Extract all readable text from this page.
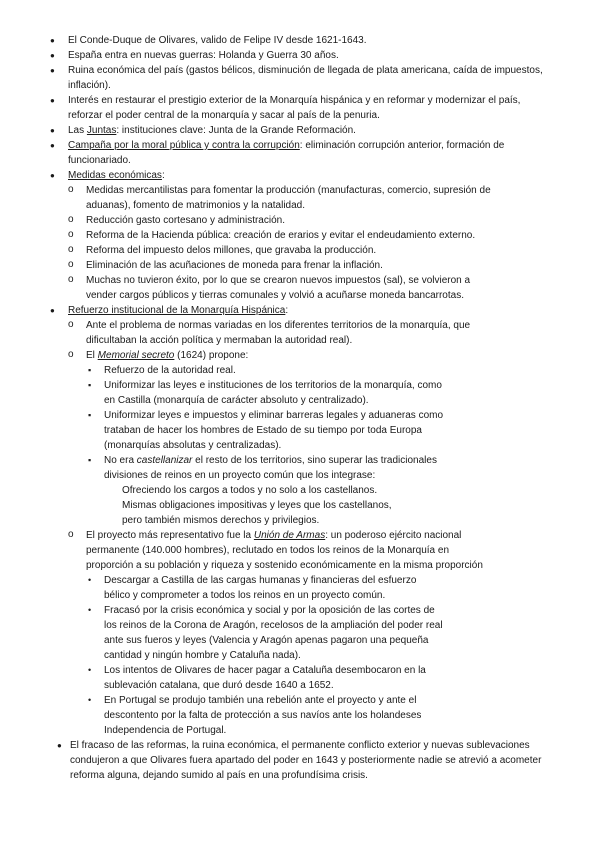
● El Conde-Duque de Olivares, valido de Felipe IV desde 1621-1643.
● España entra en nuevas guerras: Holanda y Guerra 30 años.
● Ruina económica del país (gastos bélicos, disminución de llegada de plata americana, caída de impuestos, inflación).
● Interés en restaurar el prestigio exterior de la Monarquía hispánica y en reformar y modernizar el país, reforzar el poder central de la monarquía y sacar al país de la penuria.
● Las Juntas: instituciones clave: Junta de la Grande Reformación.
● Campaña por la moral pública y contra la corrupción: eliminación corrupción anterior, formación de funcionariado.
● Medidas económicas:
o Medidas mercantilistas para fomentar la producción (manufacturas, comercio, supresión de aduanas), fomento de matrimonios y la natalidad.
o Reducción gasto cortesano y administración.
o Reforma de la Hacienda pública: creación de erarios y evitar el endeudamiento externo.
o Reforma del impuesto delos millones, que gravaba la producción.
o Eliminación de las acuñaciones de moneda para frenar la inflación.
o Muchas no tuvieron éxito, por lo que se crearon nuevos impuestos (sal), se volvieron a vender cargos públicos y tierras comunales y volvió a acuñarse moneda bancarrotas.
● Refuerzo institucional de la Monarquía Hispánica:
o Ante el problema de normas variadas en los diferentes territorios de la monarquía, que dificultaban la acción política y mermaban la autoridad real).
o El Memorial secreto (1624) propone:
▪ Refuerzo de la autoridad real.
▪ Uniformizar las leyes e instituciones de los territorios de la monarquía, como en Castilla (monarquía de carácter absoluto y centralizado).
▪ Uniformizar leyes e impuestos y eliminar barreras legales y aduaneras como trataban de hacer los hombres de Estado de su tiempo por toda Europa (monarquías absolutas y centralizadas).
▪ No era castellanizar el resto de los territorios, sino superar las tradicionales divisiones de reinos en un proyecto común que los integrase:
Ofreciendo los cargos a todos y no solo a los castellanos.
Mismas obligaciones impositivas y leyes que los castellanos, pero también mismos derechos y privilegios.
o El proyecto más representativo fue la Unión de Armas: un poderoso ejército nacional permanente (140.000 hombres), reclutado en todos los reinos de la Monarquía en proporción a su población y riqueza y sostenido económicamente en la misma proporción
• Descargar a Castilla de las cargas humanas y financieras del esfuerzo bélico y comprometer a todos los reinos en un proyecto común.
• Fracasó por la crisis económica y social y por la oposición de las cortes de los reinos de la Corona de Aragón, recelosos de la ampliación del poder real ante sus fueros y leyes (Valencia y Aragón apenas pagaron una pequeña cantidad y ningún hombre y Cataluña nada).
• Los intentos de Olivares de hacer pagar a Cataluña desembocaron en la sublevación catalana, que duró desde 1640 a 1652.
• En Portugal se produjo también una rebelión ante el proyecto y ante el descontento por la falta de protección a sus navíos ante los holandeses Independencia de Portugal.
● El fracaso de las reformas, la ruina económica, el permanente conflicto exterior y nuevas sublevaciones condujeron a que Olivares fuera apartado del poder en 1643 y posteriormente nadie se atrevió a acometer reforma alguna, dejando sumido al país en una profundísima crisis.
